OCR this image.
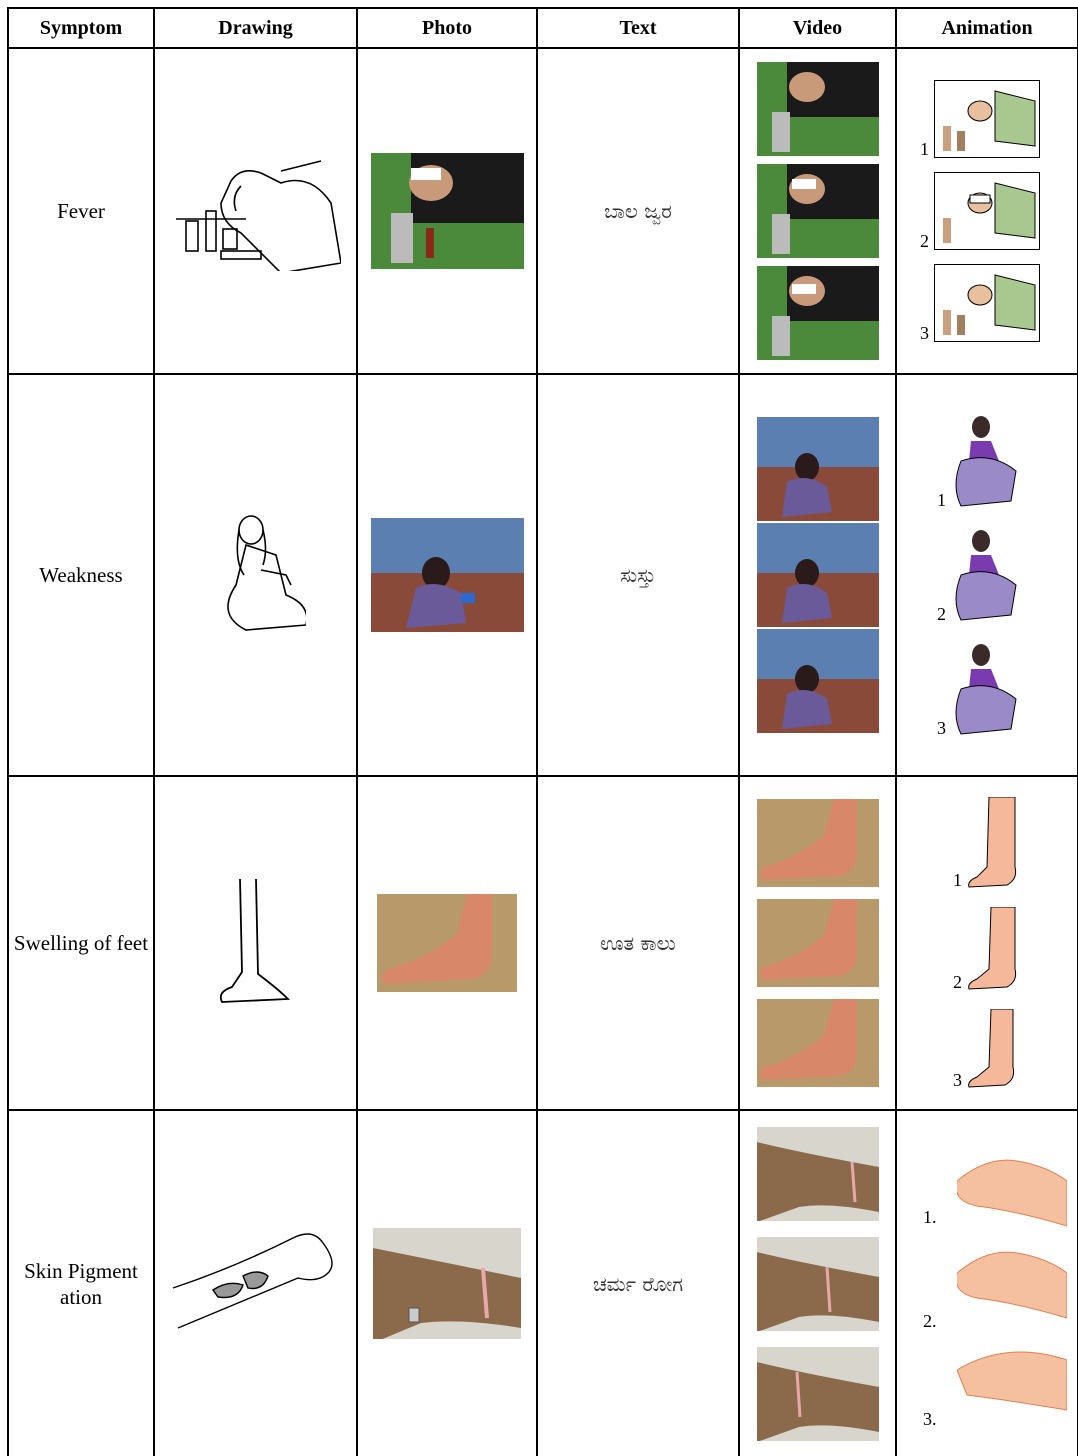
Symptom	Drawing	Photo	Text	Video	Animation

Fever			ಬಾಲ ಜ್ವರ		1
2
3

Weakness			ಸುಸ್ತು		1
2
3

Swelling of feet			ಊತ ಕಾಲು		1
2
3

Skin Pigmentation			ಚರ್ಮ ರೋಗ		1.
2.
3.
